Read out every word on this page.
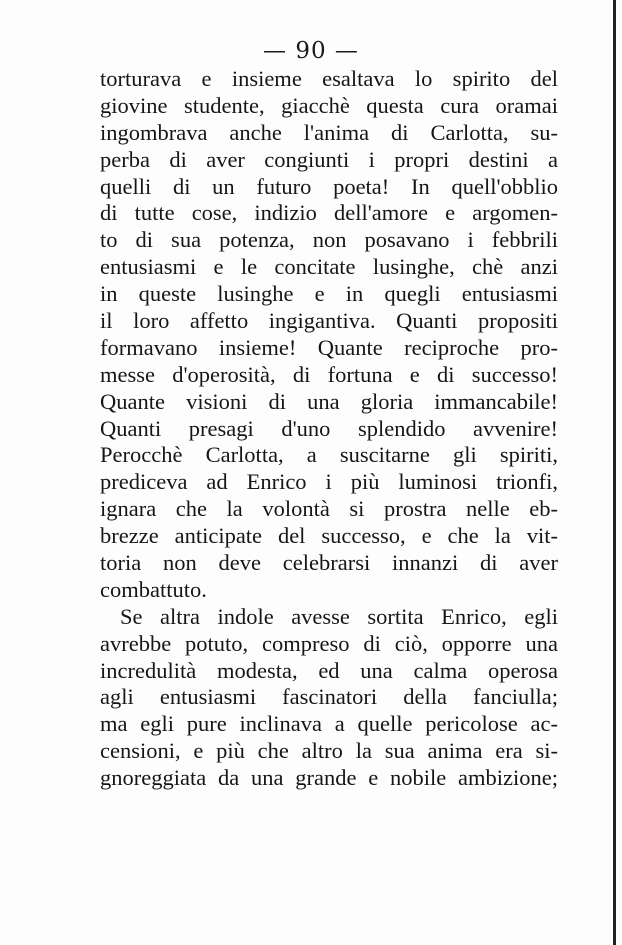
— 90 —
torturava e insieme esaltava lo spirito del
giovine studente, giacchè questa cura oramai
ingombrava anche l'anima di Carlotta, su-
perba di aver congiunti i propri destini a
quelli di un futuro poeta! In quell'obblio
di tutte cose, indizio dell'amore e argomen-
to di sua potenza, non posavano i febbrili
entusiasmi e le concitate lusinghe, chè anzi
in queste lusinghe e in quegli entusiasmi
il loro affetto ingigantiva. Quanti propositi
formavano insieme! Quante reciproche pro-
messe d'operosità, di fortuna e di successo!
Quante visioni di una gloria immancabile!
Quanti presagi d'uno splendido avvenire!
Perocchè Carlotta, a suscitarne gli spiriti,
prediceva ad Enrico i più luminosi trionfi,
ignara che la volontà si prostra nelle eb-
brezze anticipate del successo, e che la vit-
toria non deve celebrarsi innanzi di aver
combattuto.
Se altra indole avesse sortita Enrico, egli
avrebbe potuto, compreso di ciò, opporre una
incredulità modesta, ed una calma operosa
agli entusiasmi fascinatori della fanciulla;
ma egli pure inclinava a quelle pericolose ac-
censioni, e più che altro la sua anima era si-
gnoreggiata da una grande e nobile ambizione;
